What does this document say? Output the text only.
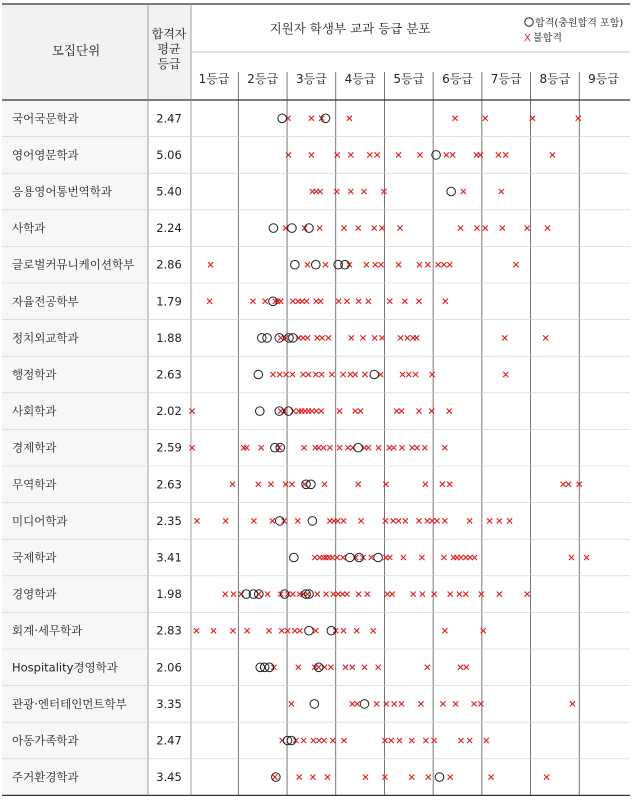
모집단위
합격자 평균 등급
지원자 학생부 교과 등급 분포	합격(충원합격 포함)
X 불합격
1등급 2등급 3등급 4등급 5등급 6등급 7등급 8등급 9등급
국어국문학과	2.47
영어영문학과	5.06
응용영어통번역학과	5.40
사학과	2.24
글로벌커뮤니케이션학부 2.86
자율전공학부	1.79
정치외교학과	1.88
행정학과	2.63
사회학과	2.02
경제학과	2.59
무역학과	2.63
미디어학과	2.35
국제학과	3.41
경영학과	1.98
회계·세무학과	2.83
Hospitality경영학과	2.06
관광·엔터테인먼트학부	3.35
아동가족학과	2.47
주거환경학과	3.45
